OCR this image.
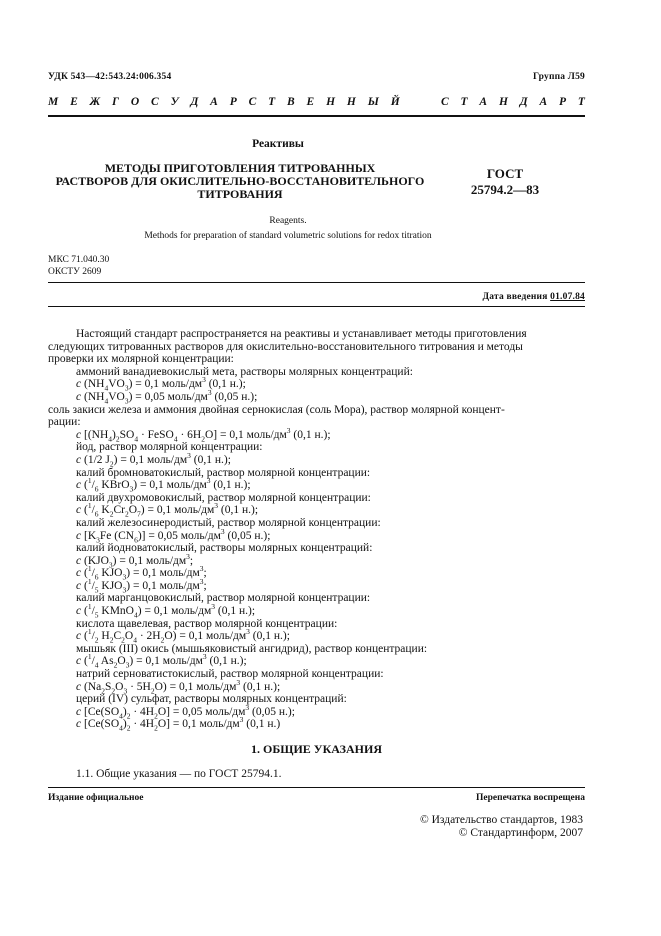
УДК 543—42:543.24:006.354	Группа Л59
М Е Ж Г О С У Д А Р С Т В Е Н Н Ы Й

	С Т А Н Д А Р Т
Реактивы
МЕТОДЫ ПРИГОТОВЛЕНИЯ ТИТРОВАННЫХ
РАСТВОРОВ ДЛЯ ОКИСЛИТЕЛЬНО-ВОССТАНОВИТЕЛЬНОГО
ТИТРОВАНИЯ
ГОСТ
25794.2—83
Reagents.
Methods for preparation of standard volumetric solutions for redox titration
МКС 71.040.30
ОКСТУ 2609
Дата введения 01.07.84
Настоящий стандарт распространяется на реактивы и устанавливает методы приготовления
следующих титрованных растворов для окислительно-восстановительного титрования и методы
проверки их молярной концентрации:
аммоний ванадиевокислый мета, растворы молярных концентраций:
c $(NH_4VO_3) = 0,1$ моль/$дм^3$ (0,1 н.);
c $(NH_4VO_3) = 0,05$ моль/$дм^3$ (0,05 н.);
соль закиси железа и аммония двойная сернокислая (соль Мора), раствор молярной концент-
рации:
c [$(NH_4)_2SO_4$ · FeSO$_4$ · $6H_2O] = 0,1$ моль/$дм^3$ (0,1 н.);
йод, раствор молярной концентрации:
c (1/2 $J_2) = 0,1$ моль/$дм^3$ (0,1 н.);
калий бромноватокислый, раствор молярной концентрации:
c ($^1/_6$ KBrO$_3$) = 0,1 моль/$дм^3$ (0,1 н.);
калий двухромовокислый, раствор молярной концентрации:
c ($^1/_6$ $K_2Cr_2O_7) = 0,1$ моль/$дм^3$ (0,1 н.);
калий железосинеродистый, раствор молярной концентрации:
c [$K_3Fe$ $(CN_6)] = 0,05$ моль/$дм^3$ (0,05 н.);
калий йодноватокислый, растворы молярных концентраций:
c $(KJO_3) = 0,1$ моль/$дм^3$;
c ($^1/_6$ $KJO_3) = 0,1$ моль/$дм^3$;
c ($^1/_5$ $KJO_3) = 0,1$ моль/$дм^3$;
калий марганцовокислый, раствор молярной концентрации:
c ($^1/_5$ KMnO$_4$) = 0,1 моль/$дм^3$ (0,1 н.);
кислота щавелевая, раствор молярной концентрации:
c ($^1/_2$ $H_2C_2O_4 \cdot 2H_2O) = 0,1$ моль/$дм^3$ (0,1 н.);
мышьяк (III) окись (мышьяковистый ангидрид), раствор концентрации:
c ($^1/_4$ $As_2O_3) = 0,1$ моль/$дм^3$ (0,1 н.);
натрий серноватистокислый, раствор молярной концентрации:
c $(Na_2S_2O_3 \cdot 5H_2O) = 0,1$ моль/$дм^3$ (0,1 н.);
церий (IV) сульфат, растворы молярных концентраций:
c $[Ce(SO_4)_2 \cdot 4H_2O] = 0,05$ моль/$дм^3$ (0,05 н.);
c $[Ce(SO_4)_2 \cdot 4H_2O] = 0,1$ моль/$дм^3$ (0,1 н.)
1. ОБЩИЕ УКАЗАНИЯ
1.1. Общие указания — по ГОСТ 25794.1.
Издание официальное	Перепечатка воспрещена
© Издательство стандартов, 1983
© Стандартинформ, 2007
